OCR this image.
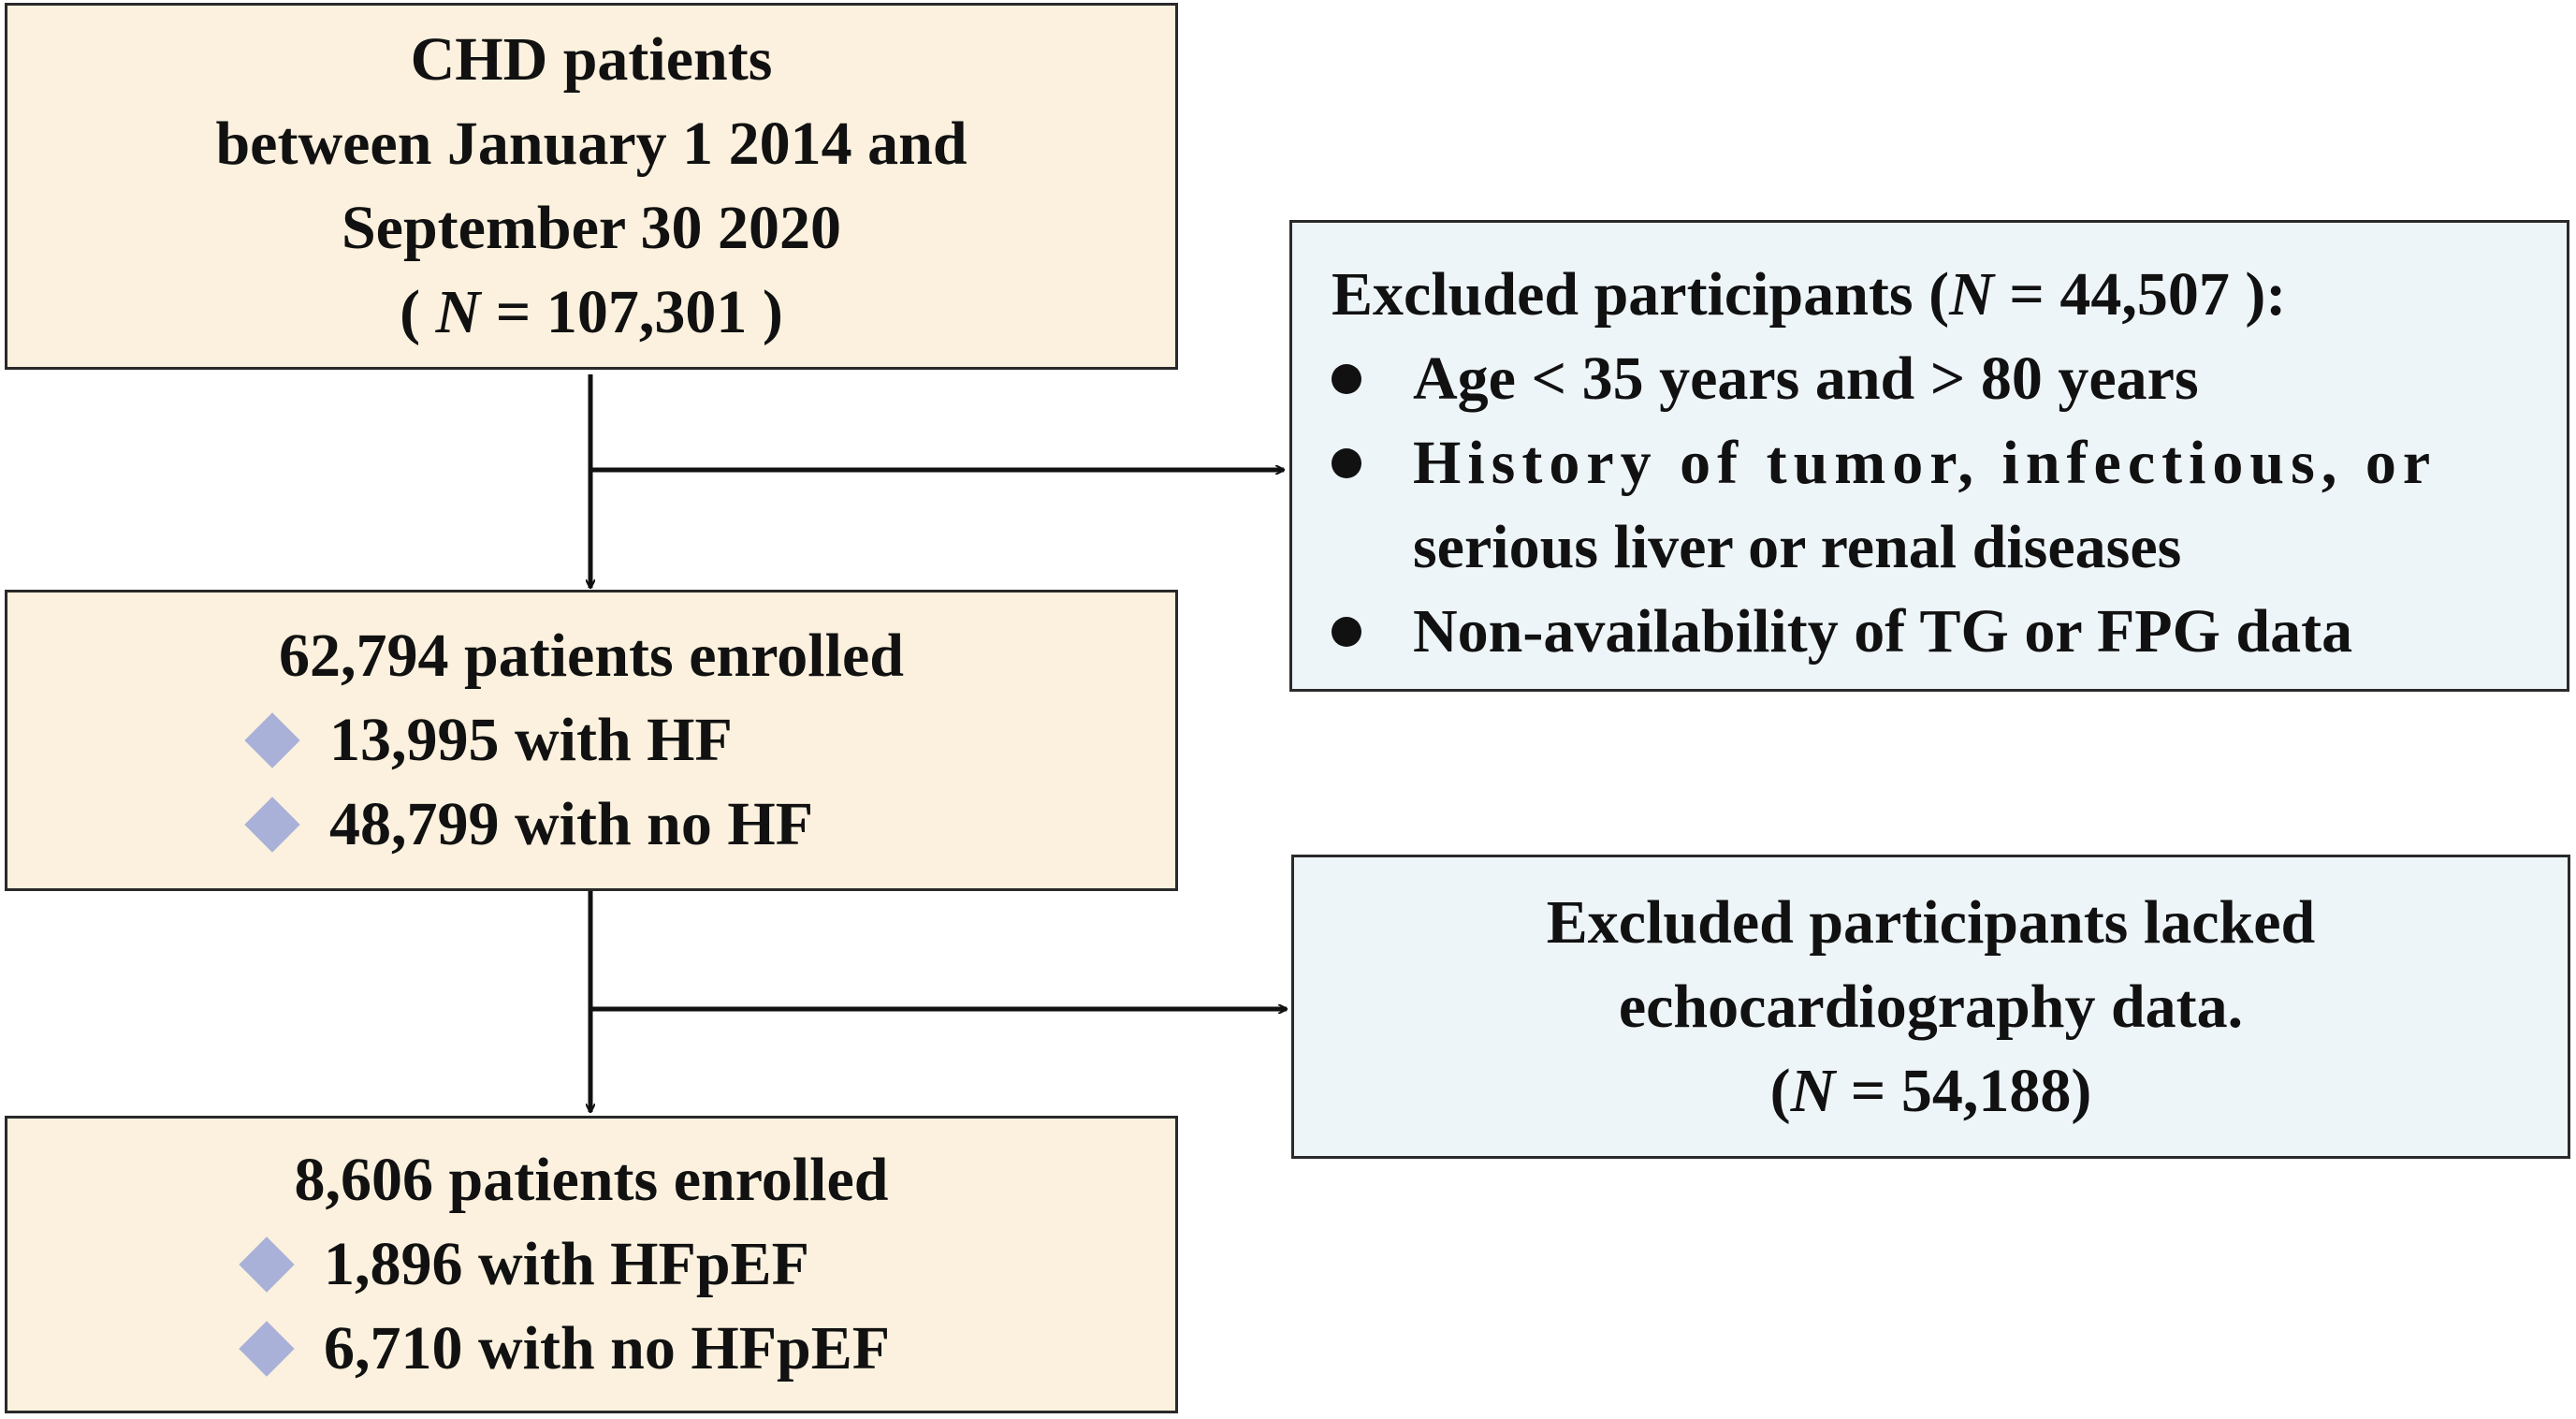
CHD patients
between January 1 2014 and
September 30 2020
( N = 107,301 )	Excluded participants (N = 44,507 ):
Age < 35 years and > 80 years
History of tumor, infectious, or
serious liver or renal diseases
Non-availability of TG or FPG data
62,794 patients enrolled
13,995 with HF
48,799 with no HF
Excluded participants lacked
echocardiography data.
(N = 54,188)
8,606 patients enrolled
1,896 with HFpEF
6,710 with no HFpEF
